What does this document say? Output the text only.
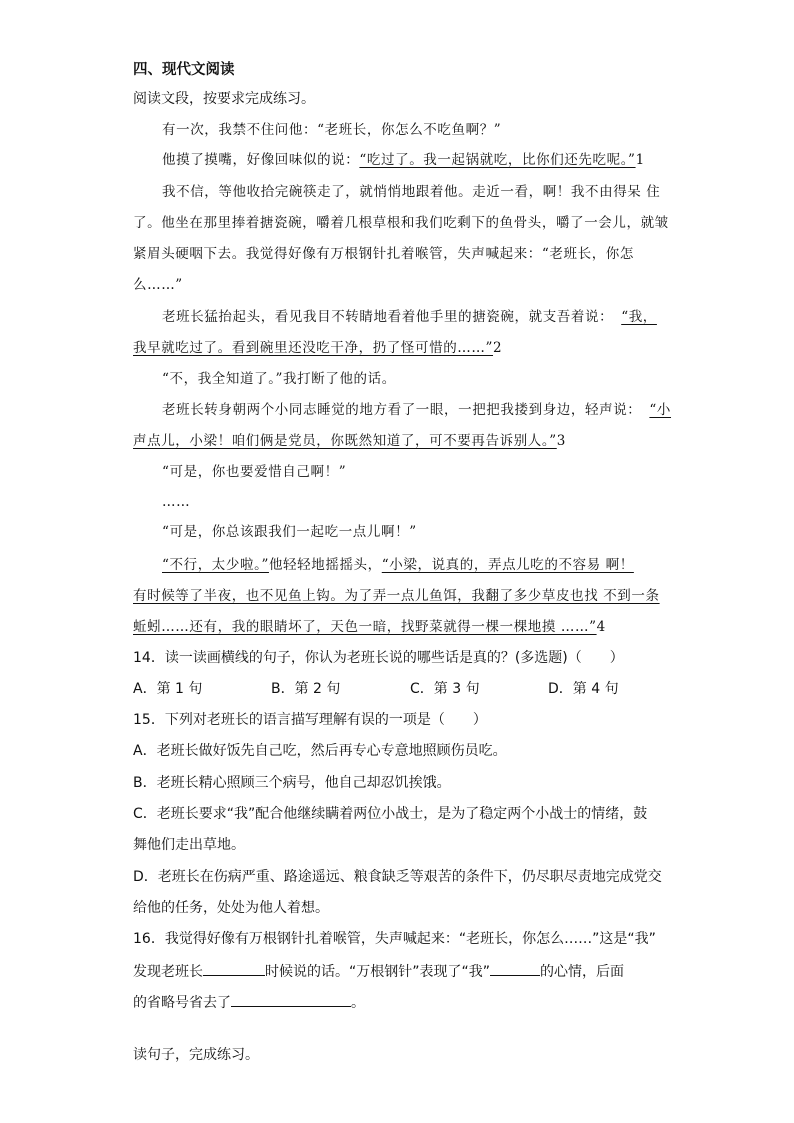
四、现代文阅读
阅读文段，按要求完成练习。
有一次，我禁不住问他：“老班长，你怎么不吃鱼啊？”
他摸了摸嘴，好像回味似的说：“吃过了。我一起锅就吃，比你们还先吃呢。”1
我不信，等他收拾完碗筷走了，就悄悄地跟着他。走近一看，啊！我不由得呆 住
了。他坐在那里捧着搪瓷碗，嚼着几根草根和我们吃剩下的鱼骨头，嚼了一会儿，就皱
紧眉头硬咽下去。我觉得好像有万根钢针扎着喉管，失声喊起来：“老班长，你怎
么……”
老班长猛抬起头，看见我目不转睛地看着他手里的搪瓷碗，就支吾着说： “我，
我早就吃过了。看到碗里还没吃干净，扔了怪可惜的……”2
“不，我全知道了。”我打断了他的话。
老班长转身朝两个小同志睡觉的地方看了一眼，一把把我搂到身边，轻声说： “小
声点儿，小梁！咱们俩是党员，你既然知道了，可不要再告诉别人。”3
“可是，你也要爱惜自己啊！”
……
“可是，你总该跟我们一起吃一点儿啊！”
“不行，太少啦。”他轻轻地摇摇头，“小梁，说真的，弄点儿吃的不容易 啊！
有时候等了半夜，也不见鱼上钩。为了弄一点儿鱼饵，我翻了多少草皮也找 不到一条
蚯蚓……还有，我的眼睛坏了，天色一暗，找野菜就得一棵一棵地摸 ……”4
14．读一读画横线的句子，你认为老班长说的哪些话是真的？(多选题)（　　）
A．第 1 句	B．第 2 句	C．第 3 句	D．第 4 句
15．下列对老班长的语言描写理解有误的一项是（　　）
A．老班长做好饭先自己吃，然后再专心专意地照顾伤员吃。
B．老班长精心照顾三个病号，他自己却忍饥挨饿。
C．老班长要求“我”配合他继续瞒着两位小战士，是为了稳定两个小战士的情绪，鼓
舞他们走出草地。
D．老班长在伤病严重、路途遥远、粮食缺乏等艰苦的条件下，仍尽职尽责地完成党交
给他的任务，处处为他人着想。
16．我觉得好像有万根钢针扎着喉管，失声喊起来：“老班长，你怎么……”这是“我”
发现老班长	时候说的话。“万根钢针”表现了“我”	的心情，后面
的省略号省去了	。
读句子，完成练习。
